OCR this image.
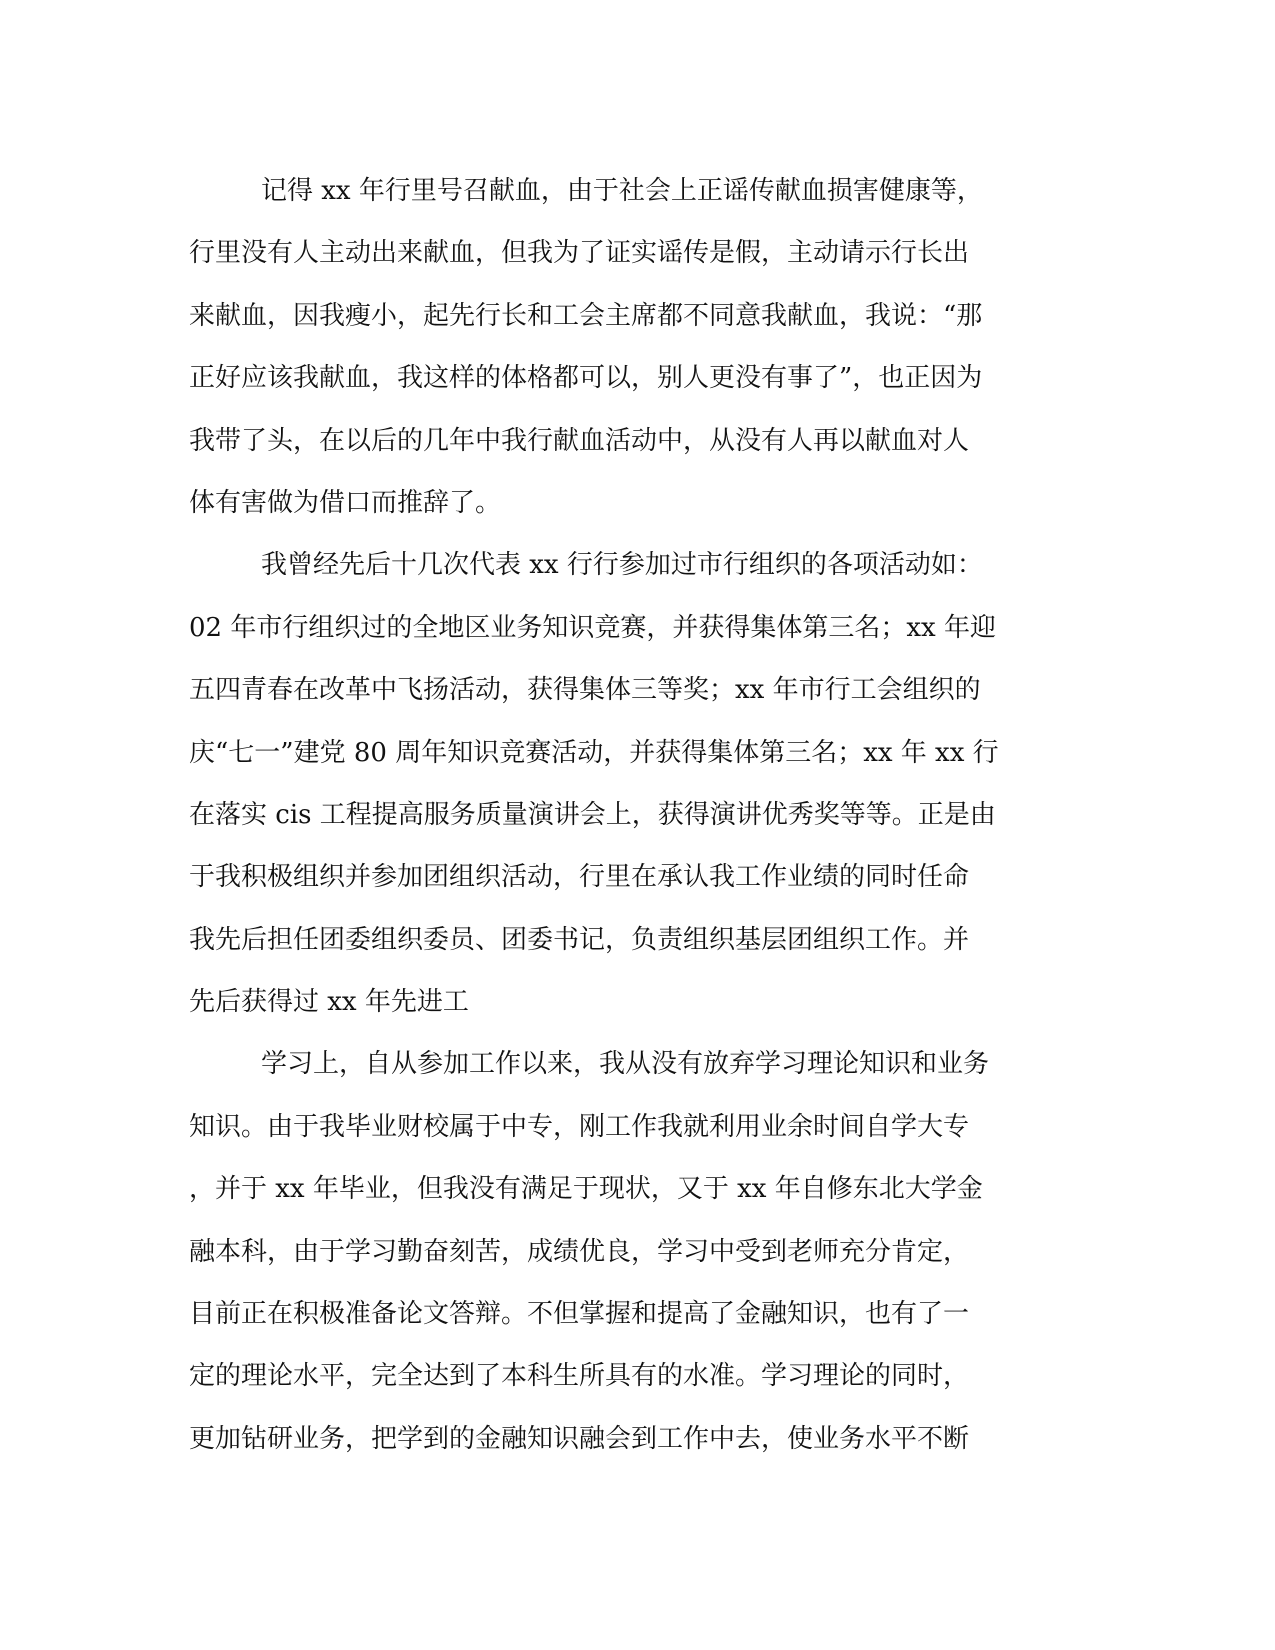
记得 xx 年行里号召献血，由于社会上正谣传献血损害健康等，
行里没有人主动出来献血，但我为了证实谣传是假，主动请示行长出
来献血，因我瘦小，起先行长和工会主席都不同意我献血，我说：“那
正好应该我献血，我这样的体格都可以，别人更没有事了”，也正因为
我带了头，在以后的几年中我行献血活动中，从没有人再以献血对人
体有害做为借口而推辞了。
我曾经先后十几次代表 xx 行行参加过市行组织的各项活动如：
02 年市行组织过的全地区业务知识竞赛，并获得集体第三名；xx 年迎
五四青春在改革中飞扬活动，获得集体三等奖；xx 年市行工会组织的
庆“七一”建党 80 周年知识竞赛活动，并获得集体第三名；xx 年 xx 行
在落实 cis 工程提高服务质量演讲会上，获得演讲优秀奖等等。正是由
于我积极组织并参加团组织活动，行里在承认我工作业绩的同时任命
我先后担任团委组织委员、团委书记，负责组织基层团组织工作。并
先后获得过 xx 年先进工
学习上，自从参加工作以来，我从没有放弃学习理论知识和业务
知识。由于我毕业财校属于中专，刚工作我就利用业余时间自学大专
，并于 xx 年毕业，但我没有满足于现状，又于 xx 年自修东北大学金
融本科，由于学习勤奋刻苦，成绩优良，学习中受到老师充分肯定，
目前正在积极准备论文答辩。不但掌握和提高了金融知识，也有了一
定的理论水平，完全达到了本科生所具有的水准。学习理论的同时，
更加钻研业务，把学到的金融知识融会到工作中去，使业务水平不断
